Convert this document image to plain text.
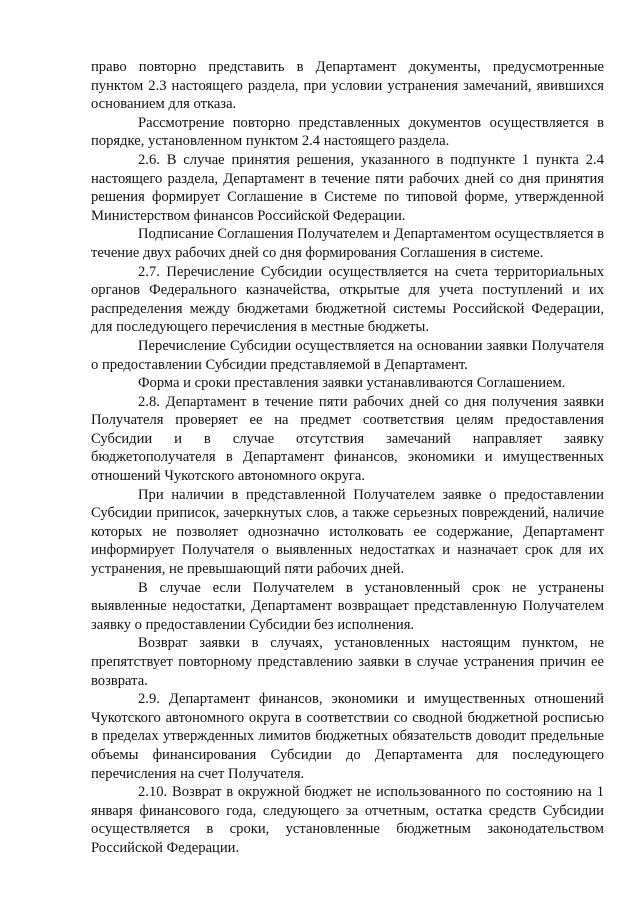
право повторно представить в Департамент документы, предусмотренные пунктом 2.3 настоящего раздела, при условии устранения замечаний, явившихся основанием для отказа.

Рассмотрение повторно представленных документов осуществляется в порядке, установленном пунктом 2.4 настоящего раздела.

2.6. В случае принятия решения, указанного в подпункте 1 пункта 2.4 настоящего раздела, Департамент в течение пяти рабочих дней со дня принятия решения формирует Соглашение в Системе по типовой форме, утвержденной Министерством финансов Российской Федерации.

Подписание Соглашения Получателем и Департаментом осуществляется в течение двух рабочих дней со дня формирования Соглашения в системе.

2.7. Перечисление Субсидии осуществляется на счета территориальных органов Федерального казначейства, открытые для учета поступлений и их распределения между бюджетами бюджетной системы Российской Федерации, для последующего перечисления в местные бюджеты.

Перечисление Субсидии осуществляется на основании заявки Получателя о предоставлении Субсидии представляемой в Департамент.

Форма и сроки преставления заявки устанавливаются Соглашением.

2.8. Департамент в течение пяти рабочих дней со дня получения заявки Получателя проверяет ее на предмет соответствия целям предоставления Субсидии и в случае отсутствия замечаний направляет заявку бюджетополучателя в Департамент финансов, экономики и имущественных отношений Чукотского автономного округа.

При наличии в представленной Получателем заявке о предоставлении Субсидии приписок, зачеркнутых слов, а также серьезных повреждений, наличие которых не позволяет однозначно истолковать ее содержание, Департамент информирует Получателя о выявленных недостатках и назначает срок для их устранения, не превышающий пяти рабочих дней.

В случае если Получателем в установленный срок не устранены выявленные недостатки, Департамент возвращает представленную Получателем заявку о предоставлении Субсидии без исполнения.

Возврат заявки в случаях, установленных настоящим пунктом, не препятствует повторному представлению заявки в случае устранения причин ее возврата.

2.9. Департамент финансов, экономики и имущественных отношений Чукотского автономного округа в соответствии со сводной бюджетной росписью в пределах утвержденных лимитов бюджетных обязательств доводит предельные объемы финансирования Субсидии до Департамента для последующего перечисления на счет Получателя.

2.10. Возврат в окружной бюджет не использованного по состоянию на 1 января финансового года, следующего за отчетным, остатка средств Субсидии осуществляется в сроки, установленные бюджетным законодательством Российской Федерации.
